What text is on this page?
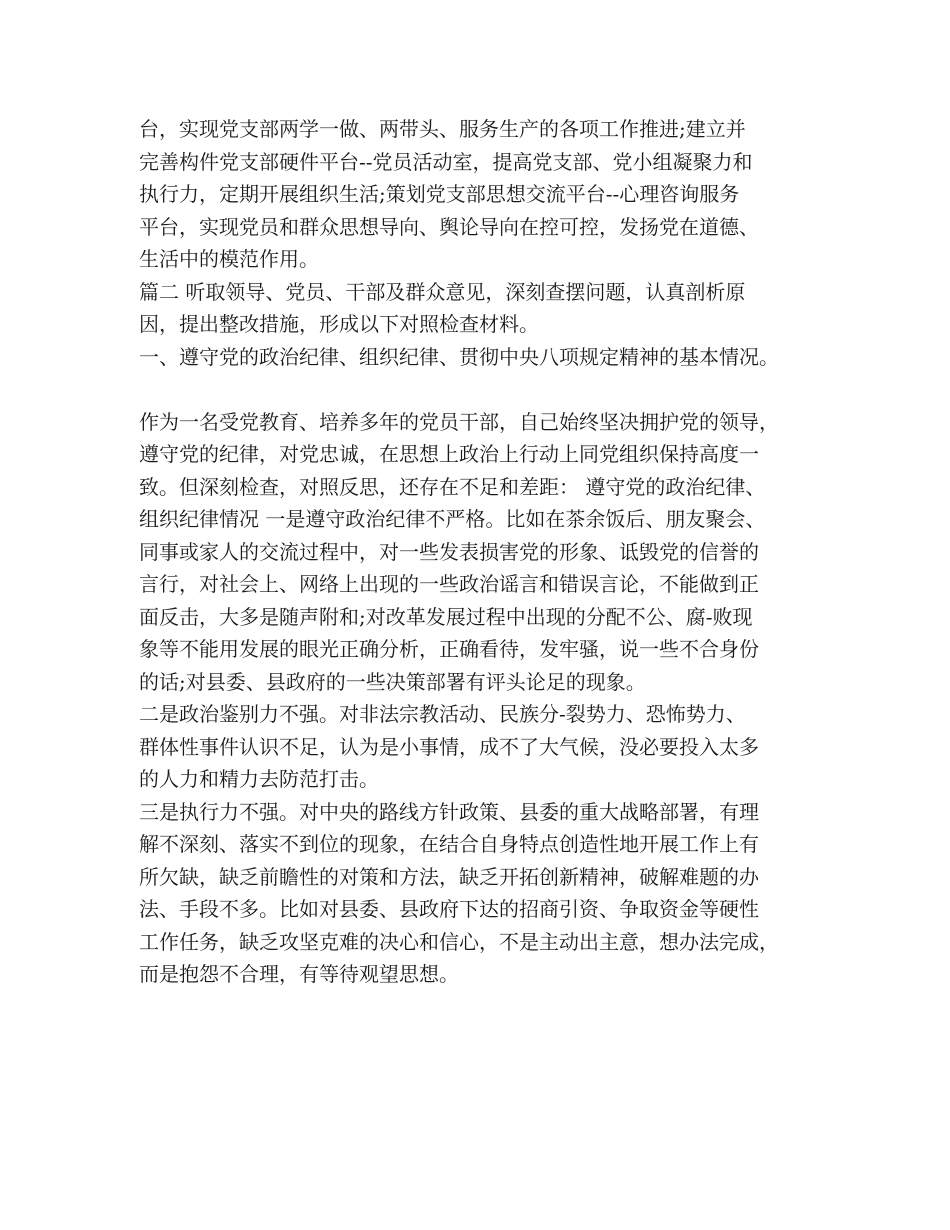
台，实现党支部两学一做、两带头、服务生产的各项工作推进;建立并
完善构件党支部硬件平台--党员活动室，提高党支部、党小组凝聚力和
执行力，定期开展组织生活;策划党支部思想交流平台--心理咨询服务
平台，实现党员和群众思想导向、舆论导向在控可控，发扬党在道德、
生活中的模范作用。
篇二 听取领导、党员、干部及群众意见，深刻查摆问题，认真剖析原
因，提出整改措施，形成以下对照检查材料。
一、遵守党的政治纪律、组织纪律、贯彻中央八项规定精神的基本情况。
作为一名受党教育、培养多年的党员干部，自己始终坚决拥护党的领导，
遵守党的纪律，对党忠诚，在思想上政治上行动上同党组织保持高度一
致。但深刻检查，对照反思，还存在不足和差距： 遵守党的政治纪律、
组织纪律情况 一是遵守政治纪律不严格。比如在茶余饭后、朋友聚会、
同事或家人的交流过程中，对一些发表损害党的形象、诋毁党的信誉的
言行，对社会上、网络上出现的一些政治谣言和错误言论，不能做到正
面反击，大多是随声附和;对改革发展过程中出现的分配不公、腐-败现
象等不能用发展的眼光正确分析，正确看待，发牢骚，说一些不合身份
的话;对县委、县政府的一些决策部署有评头论足的现象。
二是政治鉴别力不强。对非法宗教活动、民族分-裂势力、恐怖势力、
群体性事件认识不足，认为是小事情，成不了大气候，没必要投入太多
的人力和精力去防范打击。
三是执行力不强。对中央的路线方针政策、县委的重大战略部署，有理
解不深刻、落实不到位的现象，在结合自身特点创造性地开展工作上有
所欠缺，缺乏前瞻性的对策和方法，缺乏开拓创新精神，破解难题的办
法、手段不多。比如对县委、县政府下达的招商引资、争取资金等硬性
工作任务，缺乏攻坚克难的决心和信心，不是主动出主意，想办法完成，
而是抱怨不合理，有等待观望思想。
